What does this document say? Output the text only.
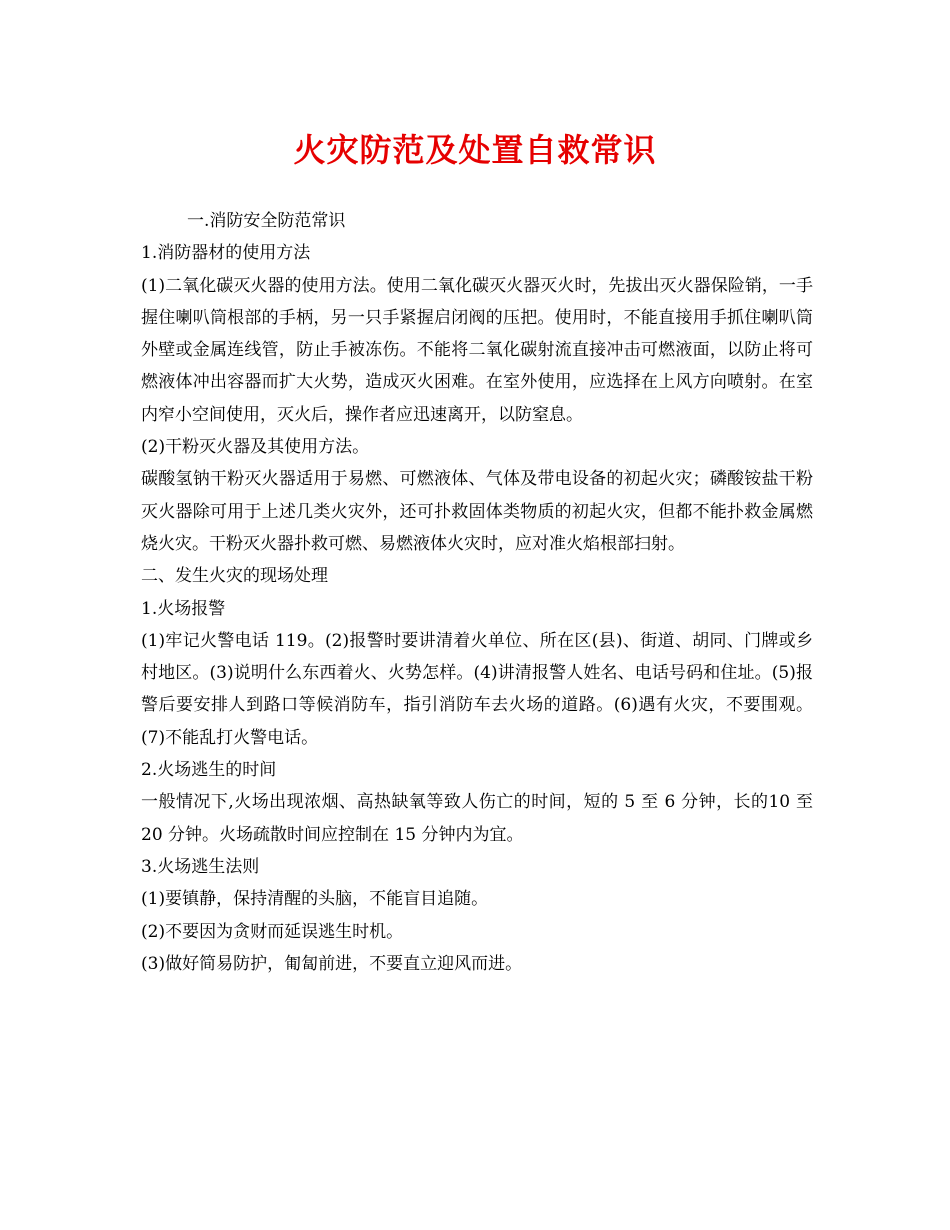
火灾防范及处置自救常识

一.消防安全防范常识

1.消防器材的使用方法

(1)二氧化碳灭火器的使用方法。使用二氧化碳灭火器灭火时，先拔出灭火器保险销，一手握住喇叭筒根部的手柄，另一只手紧握启闭阀的压把。使用时，不能直接用手抓住喇叭筒外壁或金属连线管，防止手被冻伤。不能将二氧化碳射流直接冲击可燃液面，以防止将可燃液体冲出容器而扩大火势，造成灭火困难。在室外使用，应选择在上风方向喷射。在室内窄小空间使用，灭火后，操作者应迅速离开，以防窒息。

(2)干粉灭火器及其使用方法。

碳酸氢钠干粉灭火器适用于易燃、可燃液体、气体及带电设备的初起火灾；磷酸铵盐干粉灭火器除可用于上述几类火灾外，还可扑救固体类物质的初起火灾，但都不能扑救金属燃烧火灾。干粉灭火器扑救可燃、易燃液体火灾时，应对准火焰根部扫射。

二、发生火灾的现场处理

1.火场报警

(1)牢记火警电话 119。(2)报警时要讲清着火单位、所在区(县)、街道、胡同、门牌或乡村地区。(3)说明什么东西着火、火势怎样。(4)讲清报警人姓名、电话号码和住址。(5)报警后要安排人到路口等候消防车，指引消防车去火场的道路。(6)遇有火灾，不要围观。(7)不能乱打火警电话。

2.火场逃生的时间

一般情况下,火场出现浓烟、高热缺氧等致人伤亡的时间，短的 5 至 6 分钟，长的10 至 20 分钟。火场疏散时间应控制在 15 分钟内为宜。

3.火场逃生法则

(1)要镇静，保持清醒的头脑，不能盲目追随。

(2)不要因为贪财而延误逃生时机。

(3)做好简易防护，匍匐前进，不要直立迎风而进。
